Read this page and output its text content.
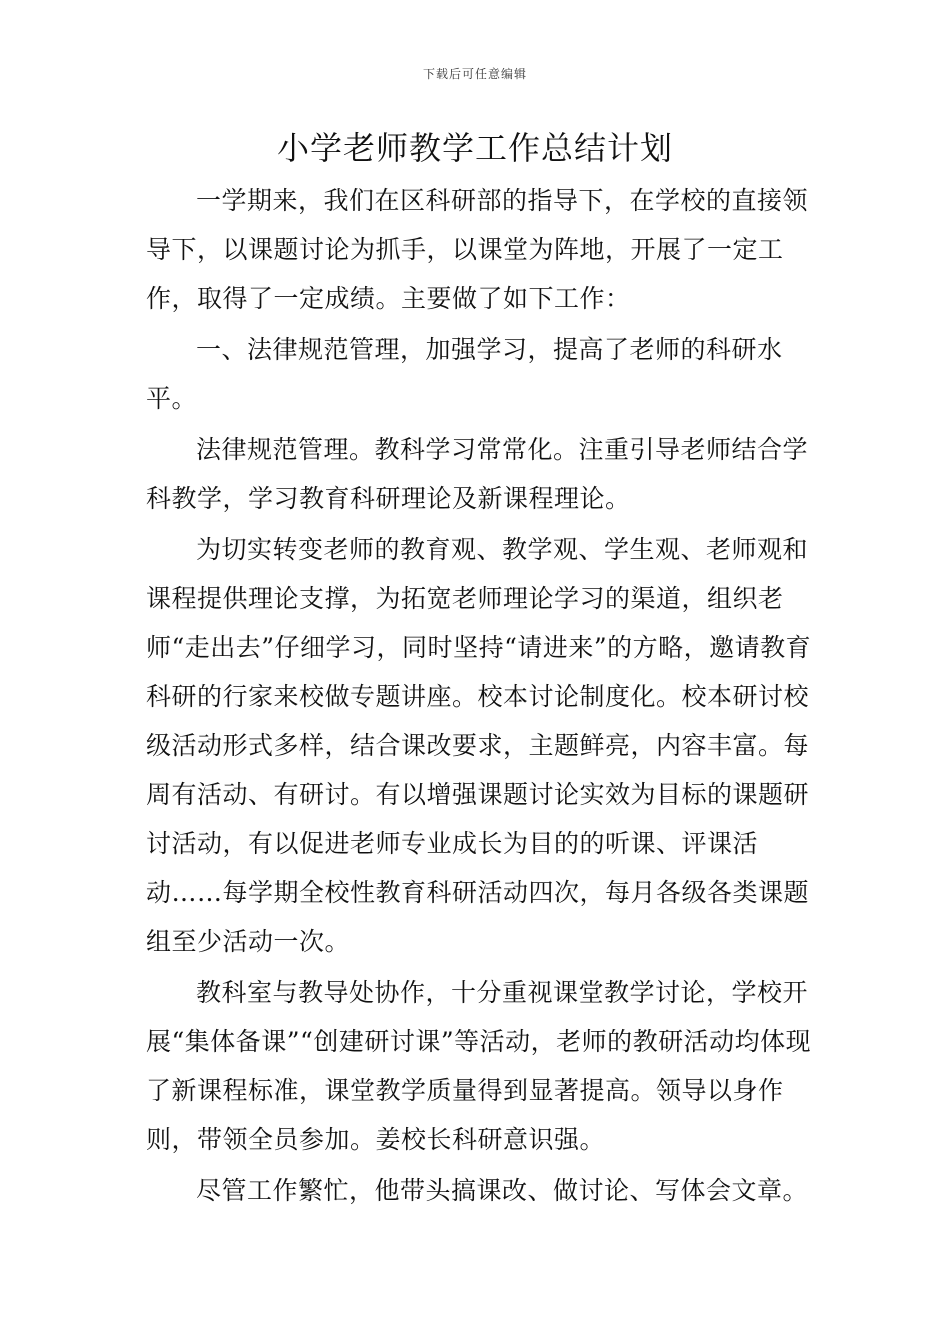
下载后可任意编辑
小学老师教学工作总结计划

一学期来，我们在区科研部的指导下，在学校的直接领导下，以课题讨论为抓手，以课堂为阵地，开展了一定工作，取得了一定成绩。主要做了如下工作：

一、法律规范管理，加强学习，提高了老师的科研水平。

法律规范管理。教科学习常常化。注重引导老师结合学科教学，学习教育科研理论及新课程理论。

为切实转变老师的教育观、教学观、学生观、老师观和课程提供理论支撑，为拓宽老师理论学习的渠道，组织老师“走出去”仔细学习，同时坚持“请进来”的方略，邀请教育科研的行家来校做专题讲座。校本讨论制度化。校本研讨校级活动形式多样，结合课改要求，主题鲜亮，内容丰富。每周有活动、有研讨。有以增强课题讨论实效为目标的课题研讨活动，有以促进老师专业成长为目的的听课、评课活动……每学期全校性教育科研活动四次，每月各级各类课题组至少活动一次。

教科室与教导处协作，十分重视课堂教学讨论，学校开展“集体备课”“创建研讨课”等活动，老师的教研活动均体现了新课程标准，课堂教学质量得到显著提高。领导以身作则，带领全员参加。姜校长科研意识强。

尽管工作繁忙，他带头搞课改、做讨论、写体会文章。
